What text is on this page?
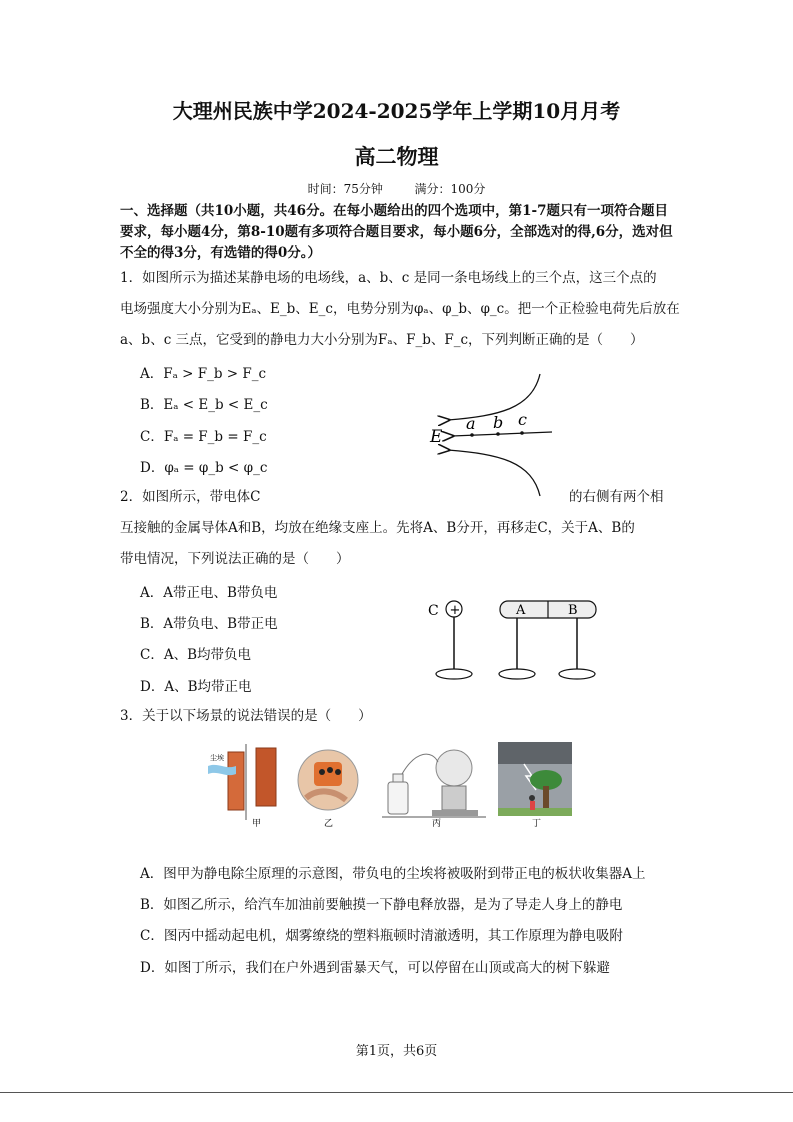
大理州民族中学2024-2025学年上学期10月月考
高二物理
时间：75分钟	满分：100分
一、选择题（共10小题，共46分。在每小题给出的四个选项中，第1-7题只有一项符合题目要求，每小题4分，第8-10题有多项符合题目要求，每小题6分，全部选对的得,6分，选对但不全的得3分，有选错的得0分。）
1．如图所示为描述某静电场的电场线，a、b、c 是同一条电场线上的三个点，这三个点的
电场强度大小分别为Eₐ、E_b、E_c，电势分别为φₐ、φ_b、φ_c。把一个正检验电荷先后放在
a、b、c 三点，它受到的静电力大小分别为Fₐ、F_b、F_c，下列判断正确的是（　　）
A．Fₐ > F_b > F_c
B．Eₐ < E_b < E_c
C．Fₐ = F_b = F_c
D．φₐ = φ_b < φ_c
E
a b c
2．如图所示，带电体C	的右侧有两个相
互接触的金属导体A和B，均放在绝缘支座上。先将A、B分开，再移走C，关于A、B的
带电情况，下列说法正确的是（　　）
A．A带正电、B带负电
B．A带负电、B带正电
C．A、B均带负电
D．A、B均带正电
C +	A	B
3．关于以下场景的说法错误的是（　　）
尘埃
甲	乙	丙	丁
A．图甲为静电除尘原理的示意图，带负电的尘埃将被吸附到带正电的板状收集器A上
B．如图乙所示，给汽车加油前要触摸一下静电释放器，是为了导走人身上的静电
C．图丙中摇动起电机，烟雾缭绕的塑料瓶顿时清澈透明，其工作原理为静电吸附
D．如图丁所示，我们在户外遇到雷暴天气，可以停留在山顶或高大的树下躲避
第1页，共6页
